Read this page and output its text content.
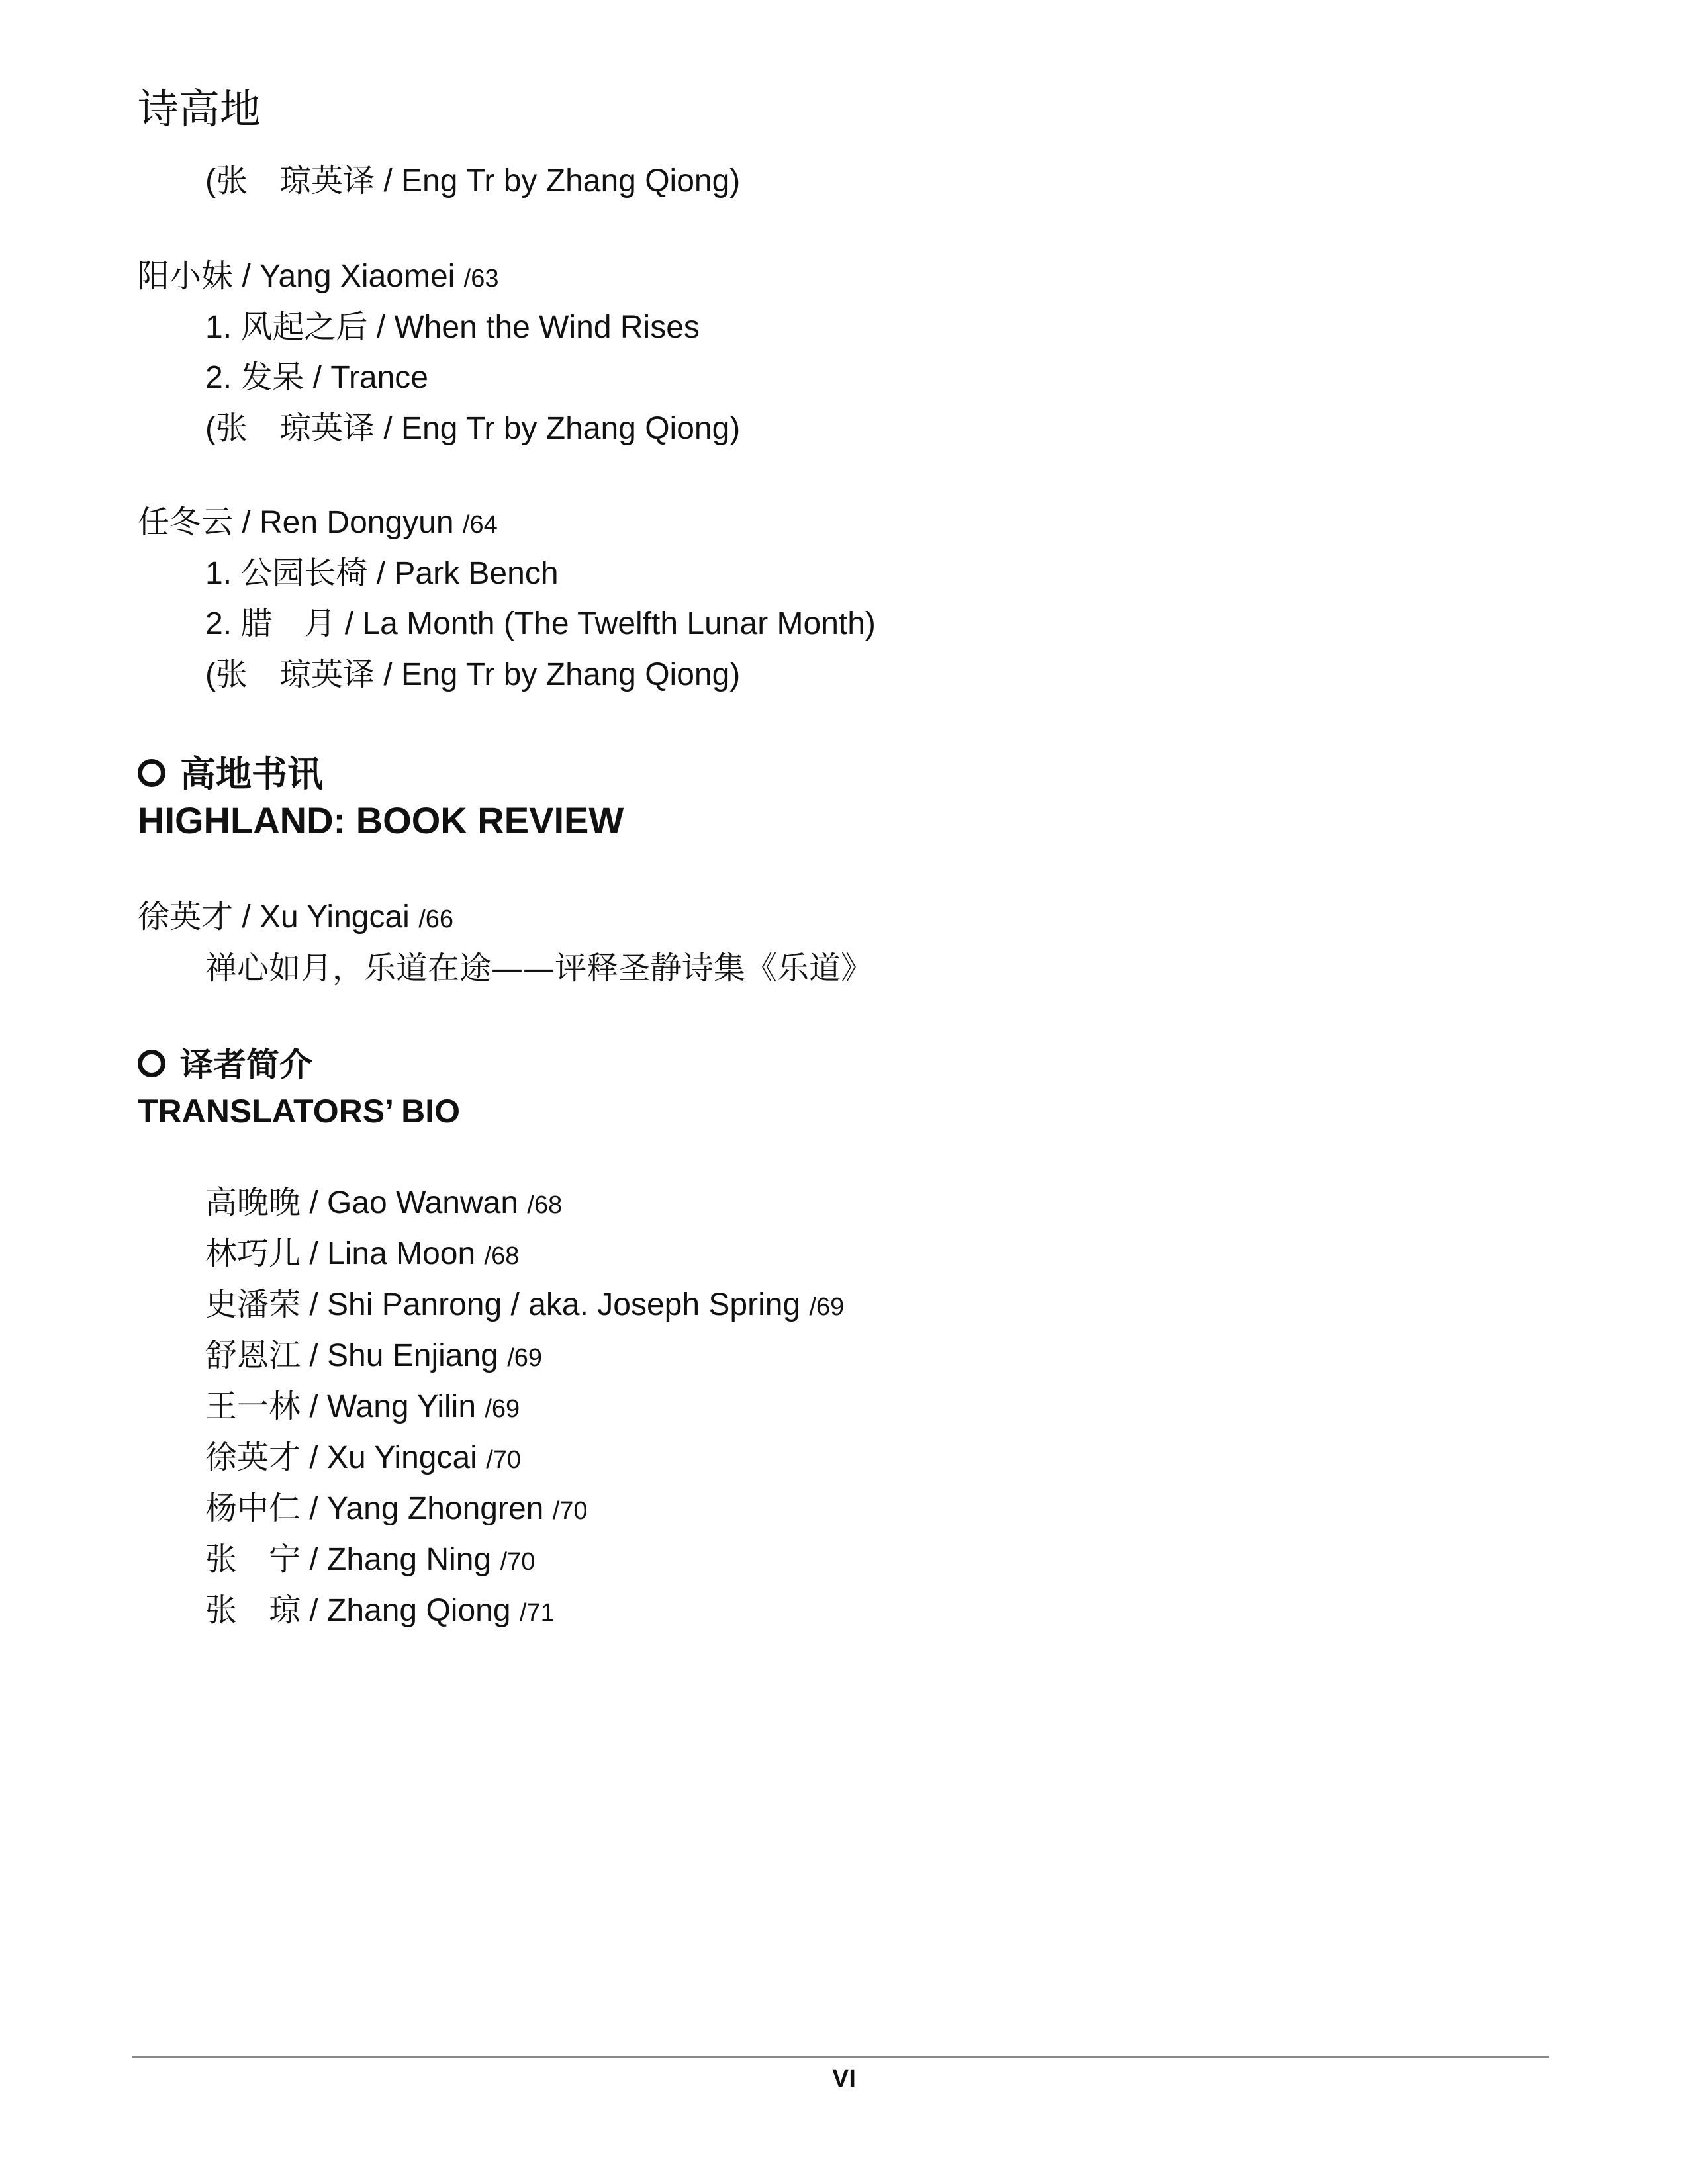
诗高地
(张　琼英译 / Eng Tr by Zhang Qiong)
阳小妹 / Yang Xiaomei /63
1. 风起之后 / When the Wind Rises
2. 发呆 / Trance
(张　琼英译 / Eng Tr by Zhang Qiong)
任冬云 / Ren Dongyun /64
1. 公园长椅 / Park Bench
2. 腊　月 / La Month (The Twelfth Lunar Month)
(张　琼英译 / Eng Tr by Zhang Qiong)
高地书讯
HIGHLAND: BOOK REVIEW
徐英才 / Xu Yingcai /66
禅心如月，乐道在途——评释圣静诗集《乐道》
译者简介
TRANSLATORS’ BIO
高晚晚 / Gao Wanwan /68
林巧儿 / Lina Moon /68
史潘荣 / Shi Panrong / aka. Joseph Spring /69
舒恩江 / Shu Enjiang /69
王一林 / Wang Yilin /69
徐英才 / Xu Yingcai /70
杨中仁 / Yang Zhongren /70
张　宁 / Zhang Ning /70
张　琼 / Zhang Qiong /71
VI
